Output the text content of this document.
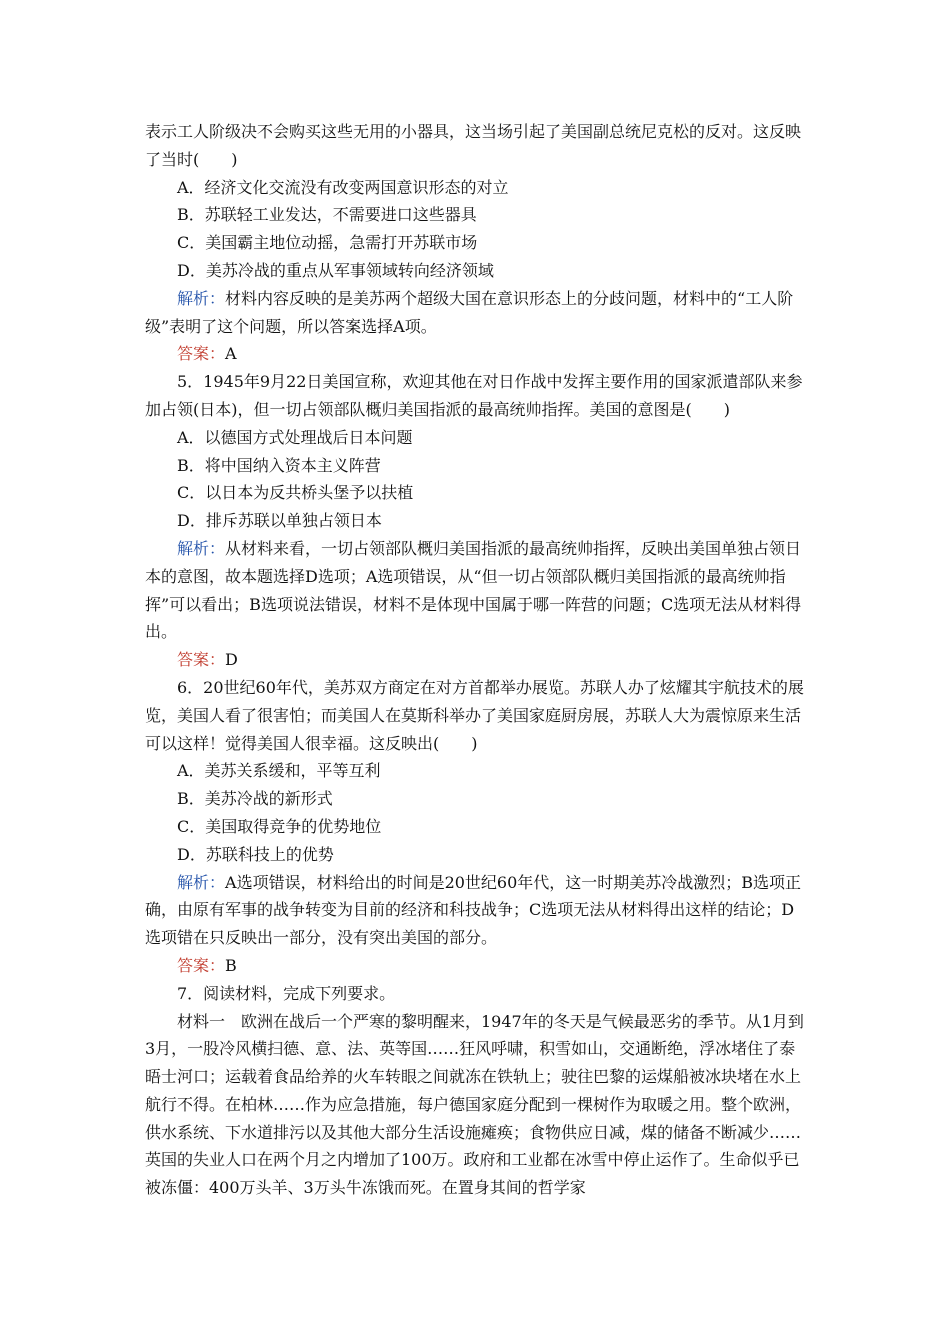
表示工人阶级决不会购买这些无用的小器具，这当场引起了美国副总统尼克松的反对。这反映了当时(　　)

A．经济文化交流没有改变两国意识形态的对立

B．苏联轻工业发达，不需要进口这些器具

C．美国霸主地位动摇，急需打开苏联市场

D．美苏冷战的重点从军事领域转向经济领域

解析：材料内容反映的是美苏两个超级大国在意识形态上的分歧问题，材料中的“工人阶级”表明了这个问题，所以答案选择A项。

答案：A

5．1945年9月22日美国宣称，欢迎其他在对日作战中发挥主要作用的国家派遣部队来参加占领(日本)，但一切占领部队概归美国指派的最高统帅指挥。美国的意图是(　　)

A．以德国方式处理战后日本问题

B．将中国纳入资本主义阵营

C．以日本为反共桥头堡予以扶植

D．排斥苏联以单独占领日本

解析：从材料来看，一切占领部队概归美国指派的最高统帅指挥，反映出美国单独占领日本的意图，故本题选择D选项；A选项错误，从“但一切占领部队概归美国指派的最高统帅指挥”可以看出；B选项说法错误，材料不是体现中国属于哪一阵营的问题；C选项无法从材料得出。

答案：D

6．20世纪60年代，美苏双方商定在对方首都举办展览。苏联人办了炫耀其宇航技术的展览，美国人看了很害怕；而美国人在莫斯科举办了美国家庭厨房展，苏联人大为震惊原来生活可以这样！觉得美国人很幸福。这反映出(　　)

A．美苏关系缓和，平等互利

B．美苏冷战的新形式

C．美国取得竞争的优势地位

D．苏联科技上的优势

解析：A选项错误，材料给出的时间是20世纪60年代，这一时期美苏冷战激烈；B选项正确，由原有军事的战争转变为目前的经济和科技战争；C选项无法从材料得出这样的结论；D选项错在只反映出一部分，没有突出美国的部分。

答案：B

7．阅读材料，完成下列要求。

材料一　欧洲在战后一个严寒的黎明醒来，1947年的冬天是气候最恶劣的季节。从1月到3月，一股冷风横扫德、意、法、英等国……狂风呼啸，积雪如山，交通断绝，浮冰堵住了泰晤士河口；运载着食品给养的火车转眼之间就冻在铁轨上；驶往巴黎的运煤船被冰块堵在水上航行不得。在柏林……作为应急措施，每户德国家庭分配到一棵树作为取暖之用。整个欧洲，供水系统、下水道排污以及其他大部分生活设施瘫痪；食物供应日减，煤的储备不断减少……英国的失业人口在两个月之内增加了100万。政府和工业都在冰雪中停止运作了。生命似乎已被冻僵：400万头羊、3万头牛冻饿而死。在置身其间的哲学家
